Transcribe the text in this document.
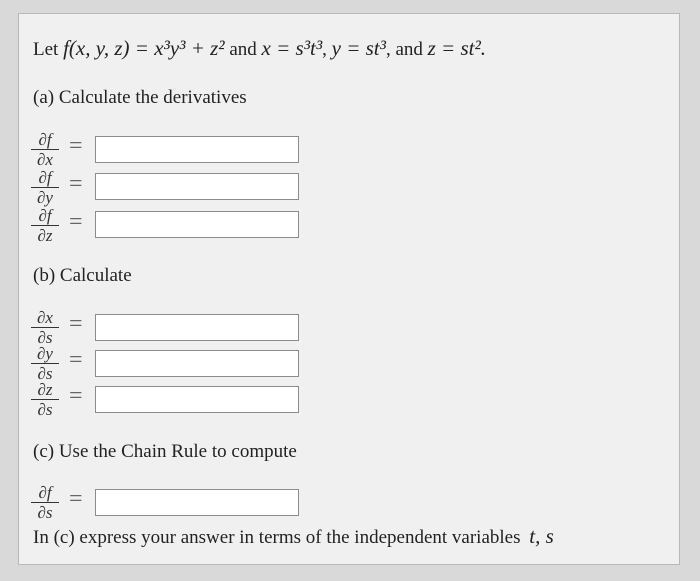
Let f(x, y, z) = x³y³ + z² and x = s³t³, y = st³, and z = st².
(a) Calculate the derivatives
$\frac{\partial f}{\partial x}$ =
$\frac{\partial f}{\partial y}$ =
$\frac{\partial f}{\partial z}$ =
(b) Calculate
$\frac{\partial x}{\partial s}$ =
$\frac{\partial y}{\partial s}$ =
$\frac{\partial z}{\partial s}$ =
(c) Use the Chain Rule to compute
$\frac{\partial f}{\partial s}$ =
In (c) express your answer in terms of the independent variables t, s
